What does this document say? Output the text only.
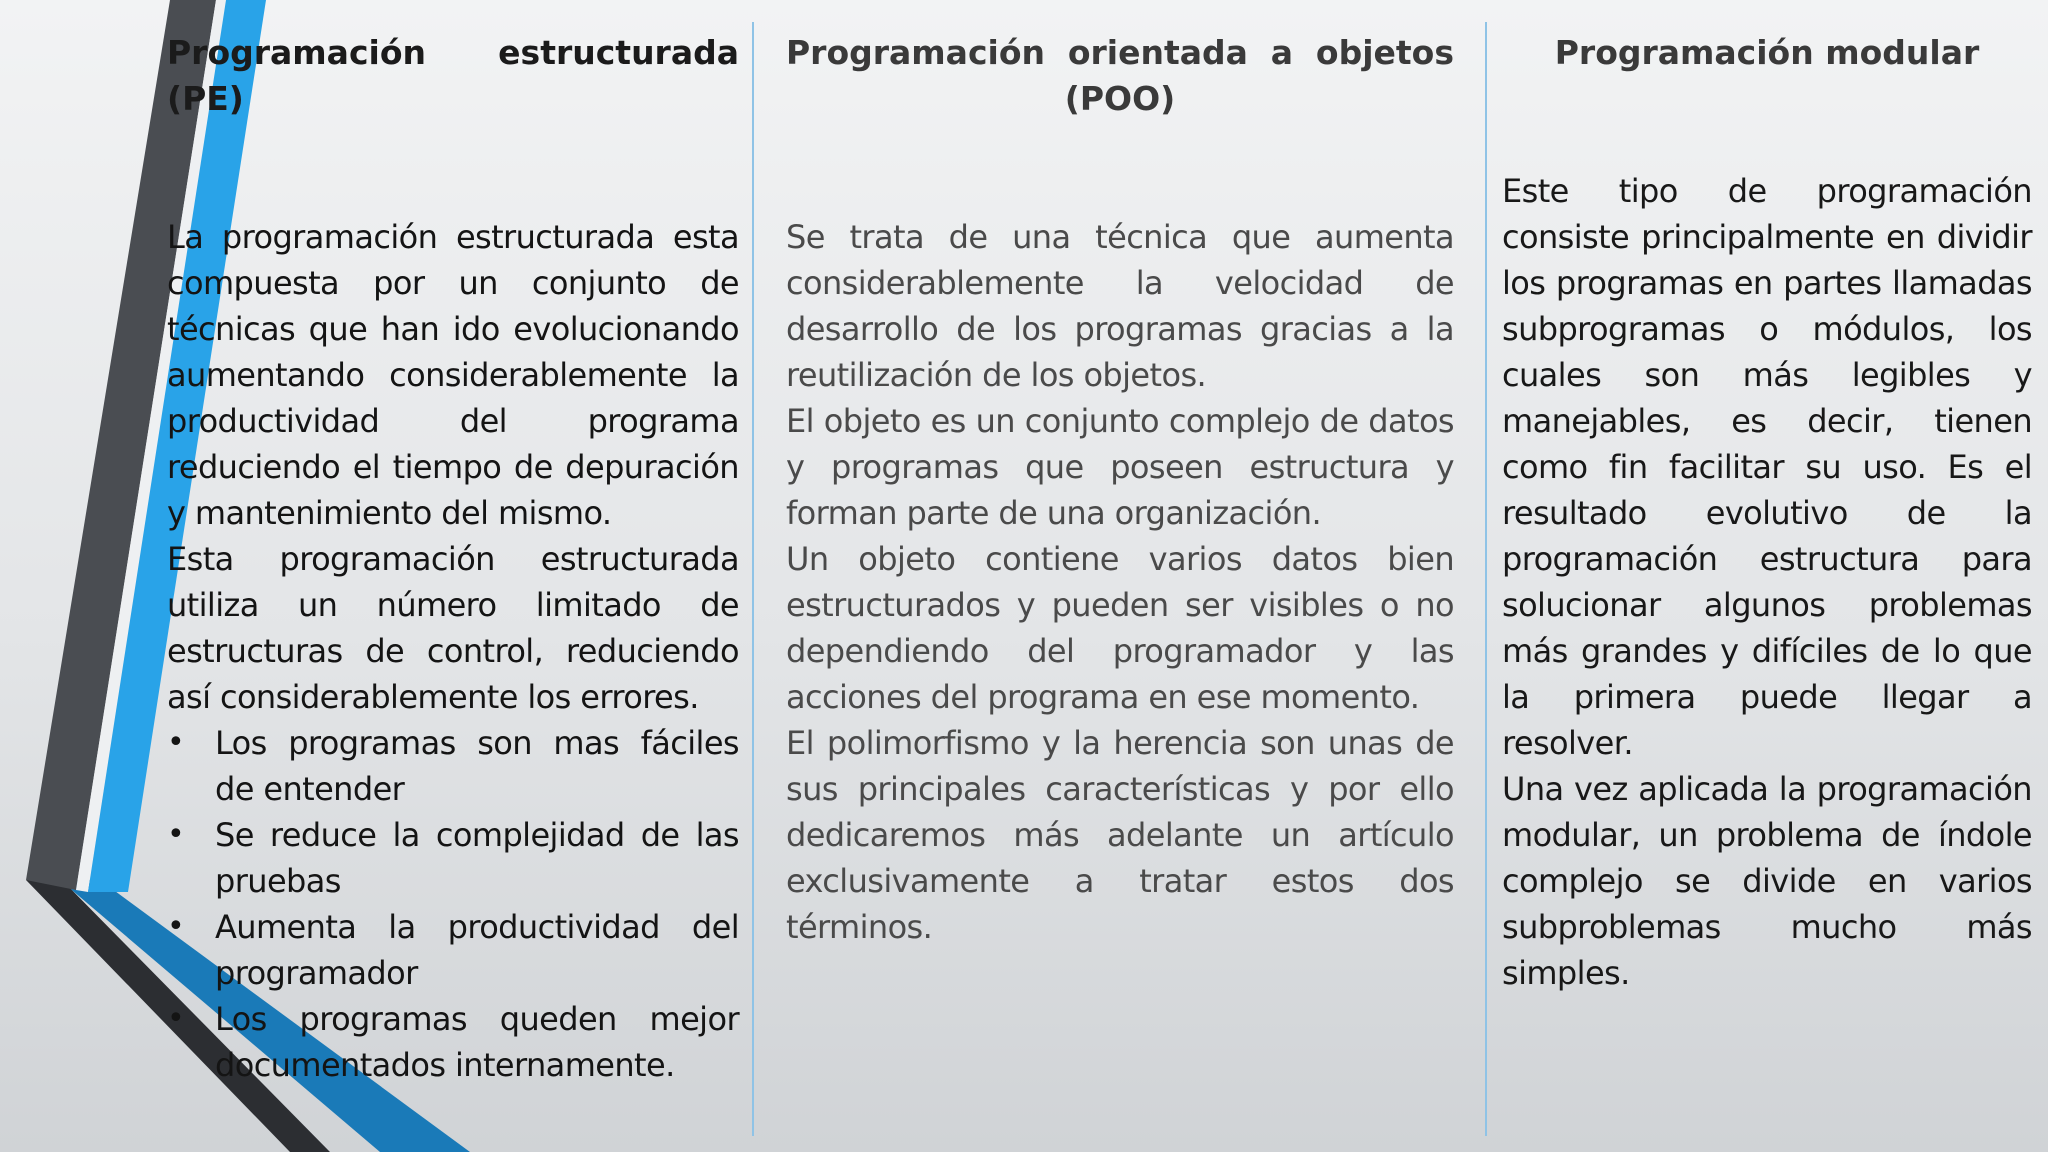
Programación estructurada (PE)

La programación estructurada esta compuesta por un conjunto de técnicas que han ido evolucionando aumentando considerablemente la productividad del programa reduciendo el tiempo de depuración y mantenimiento del mismo.

Esta programación estructurada utiliza un número limitado de estructuras de control, reduciendo así considerablemente los errores.

• Los programas son mas fáciles de entender
• Se reduce la complejidad de las pruebas
• Aumenta la productividad del programador
• Los programas queden mejor documentados internamente.
Programación orientada a objetos (POO)

Se trata de una técnica que aumenta considerablemente la velocidad de desarrollo de los programas gracias a la reutilización de los objetos.

El objeto es un conjunto complejo de datos y programas que poseen estructura y forman parte de una organización.

Un objeto contiene varios datos bien estructurados y pueden ser visibles o no dependiendo del programador y las acciones del programa en ese momento.

El polimorfismo y la herencia son unas de sus principales características y por ello dedicaremos más adelante un artículo exclusivamente a tratar estos dos términos.

Programación modular

Este tipo de programación consiste principalmente en dividir los programas en partes llamadas subprogramas o módulos, los cuales son más legibles y manejables, es decir, tienen como fin facilitar su uso. Es el resultado evolutivo de la programación estructura para solucionar algunos problemas más grandes y difíciles de lo que la primera puede llegar a resolver.

Una vez aplicada la programación modular, un problema de índole complejo se divide en varios subproblemas mucho más simples.
